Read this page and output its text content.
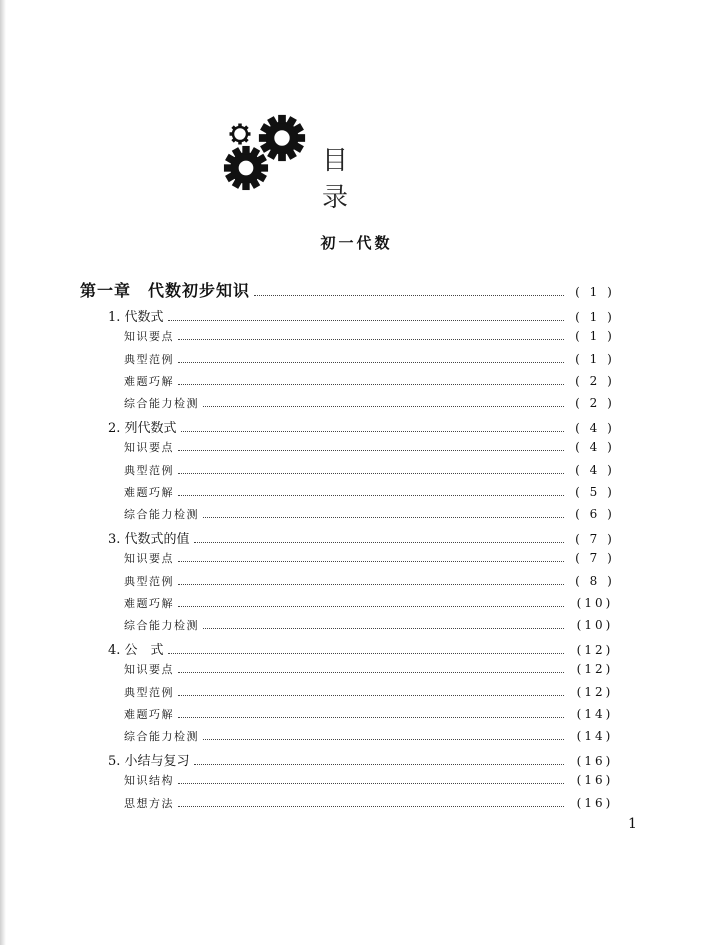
目 录
初一代数
第一章　代数初步知识	( 1 )
1. 代数式	( 1 )
知识要点	( 1 )
典型范例	( 1 )
难题巧解	( 2 )
综合能力检测	( 2 )
2. 列代数式	( 4 )
知识要点	( 4 )
典型范例	( 4 )
难题巧解	( 5 )
综合能力检测	( 6 )
3. 代数式的值	( 7 )
知识要点	( 7 )
典型范例	( 8 )
难题巧解	(10)
综合能力检测	(10)
4. 公　式	(12)
知识要点	(12)
典型范例	(12)
难题巧解	(14)
综合能力检测	(14)
5. 小结与复习	(16)
知识结构	(16)
思想方法	(16)
1
